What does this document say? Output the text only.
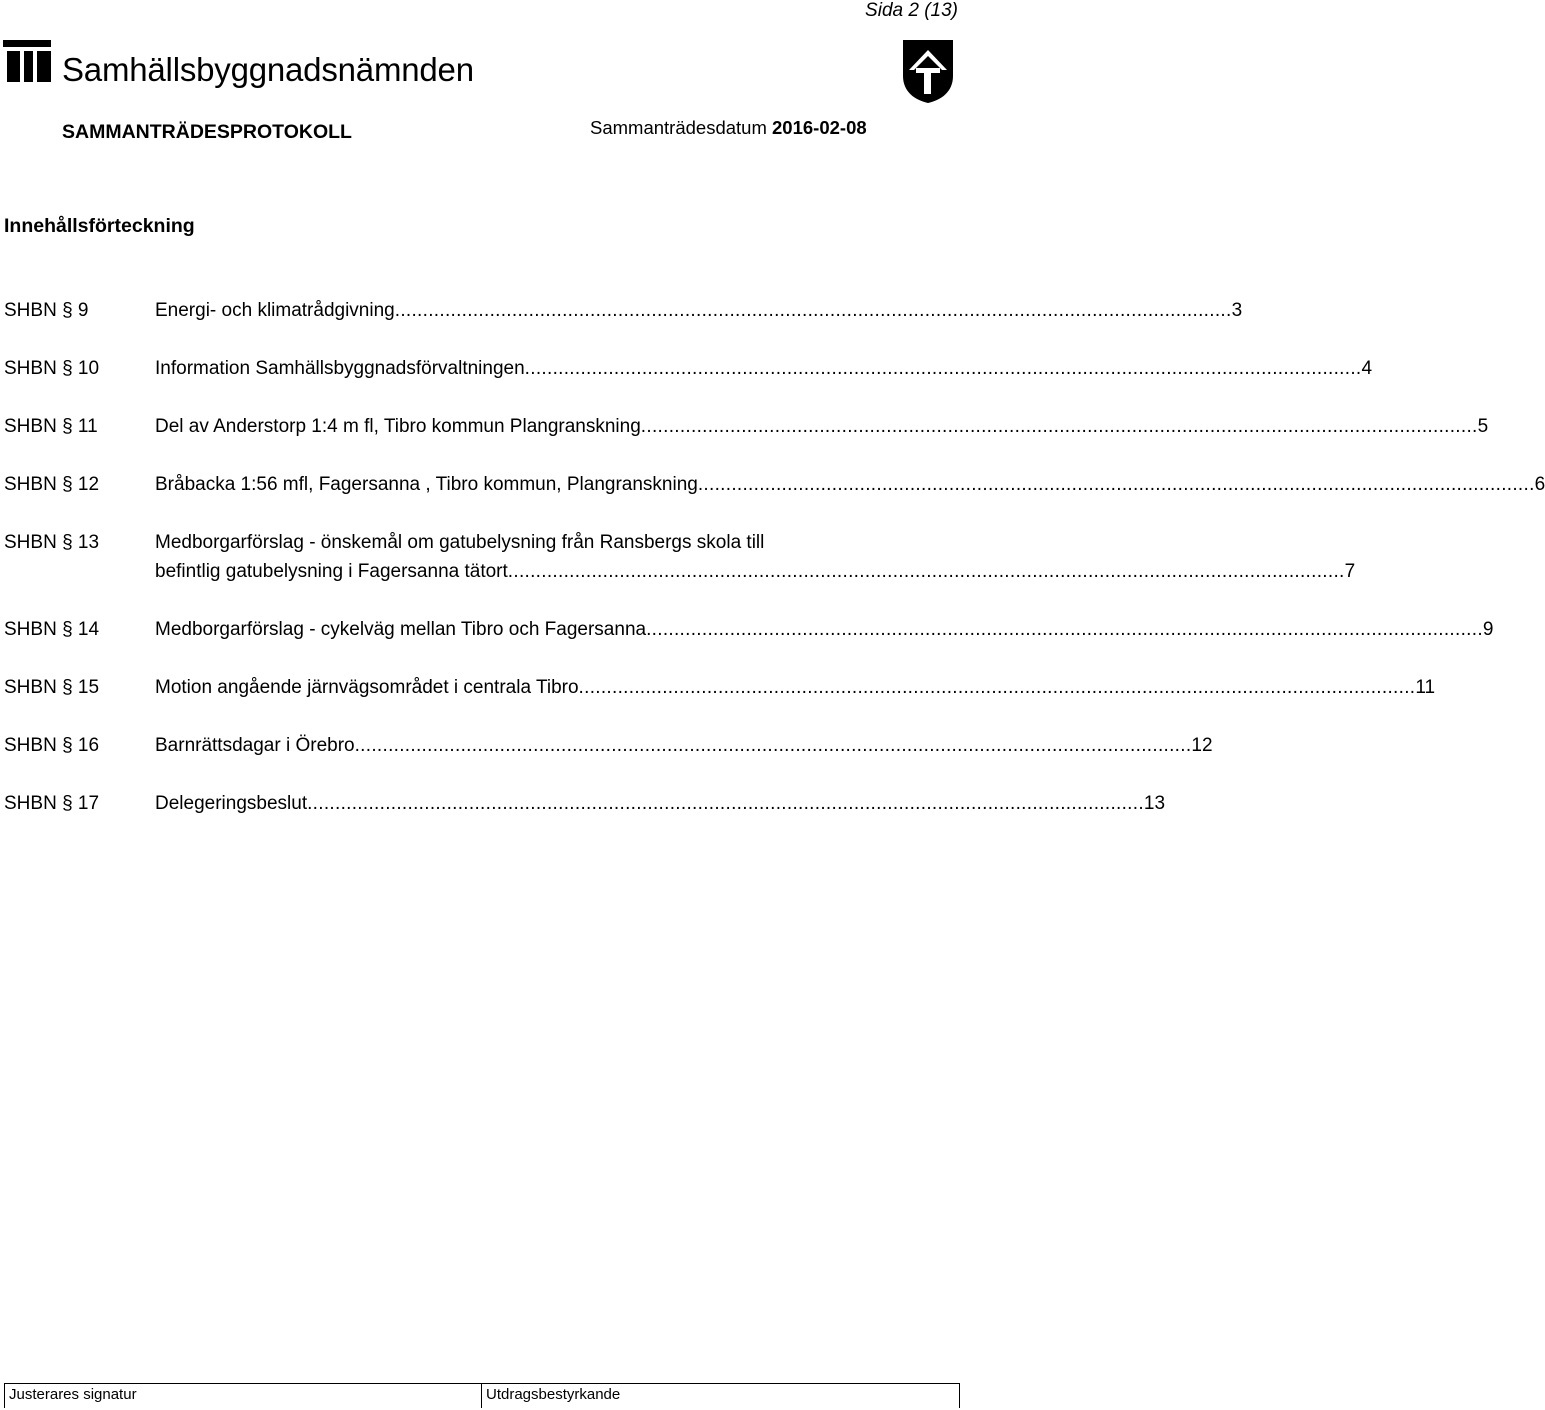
Sida 2 (13)
Samhällsbyggnadsnämnden
SAMMANTRÄDESPROTOKOLL	Sammanträdesdatum 2016-02-08
Innehållsförteckning
SHBN § 9	Energi- och klimatrådgivning ...................................................................................................................................................... 3
SHBN § 10	Information Samhällsbyggnadsförvaltningen ...................................................................................................................................................... 4
SHBN § 11	Del av Anderstorp 1:4 m fl, Tibro kommun Plangranskning ...................................................................................................................................................... 5
SHBN § 12	Bråbacka 1:56 mfl, Fagersanna , Tibro kommun, Plangranskning ...................................................................................................................................................... 6
SHBN § 13	Medborgarförslag - önskemål om gatubelysning från Ransbergs skola till
befintlig gatubelysning i Fagersanna tätort ...................................................................................................................................................... 7
SHBN § 14	Medborgarförslag - cykelväg mellan Tibro och Fagersanna ...................................................................................................................................................... 9
SHBN § 15	Motion angående järnvägsområdet i centrala Tibro ...................................................................................................................................................... 11
SHBN § 16	Barnrättsdagar i Örebro ...................................................................................................................................................... 12
SHBN § 17	Delegeringsbeslut ...................................................................................................................................................... 13
Justerares signatur	Utdragsbestyrkande
